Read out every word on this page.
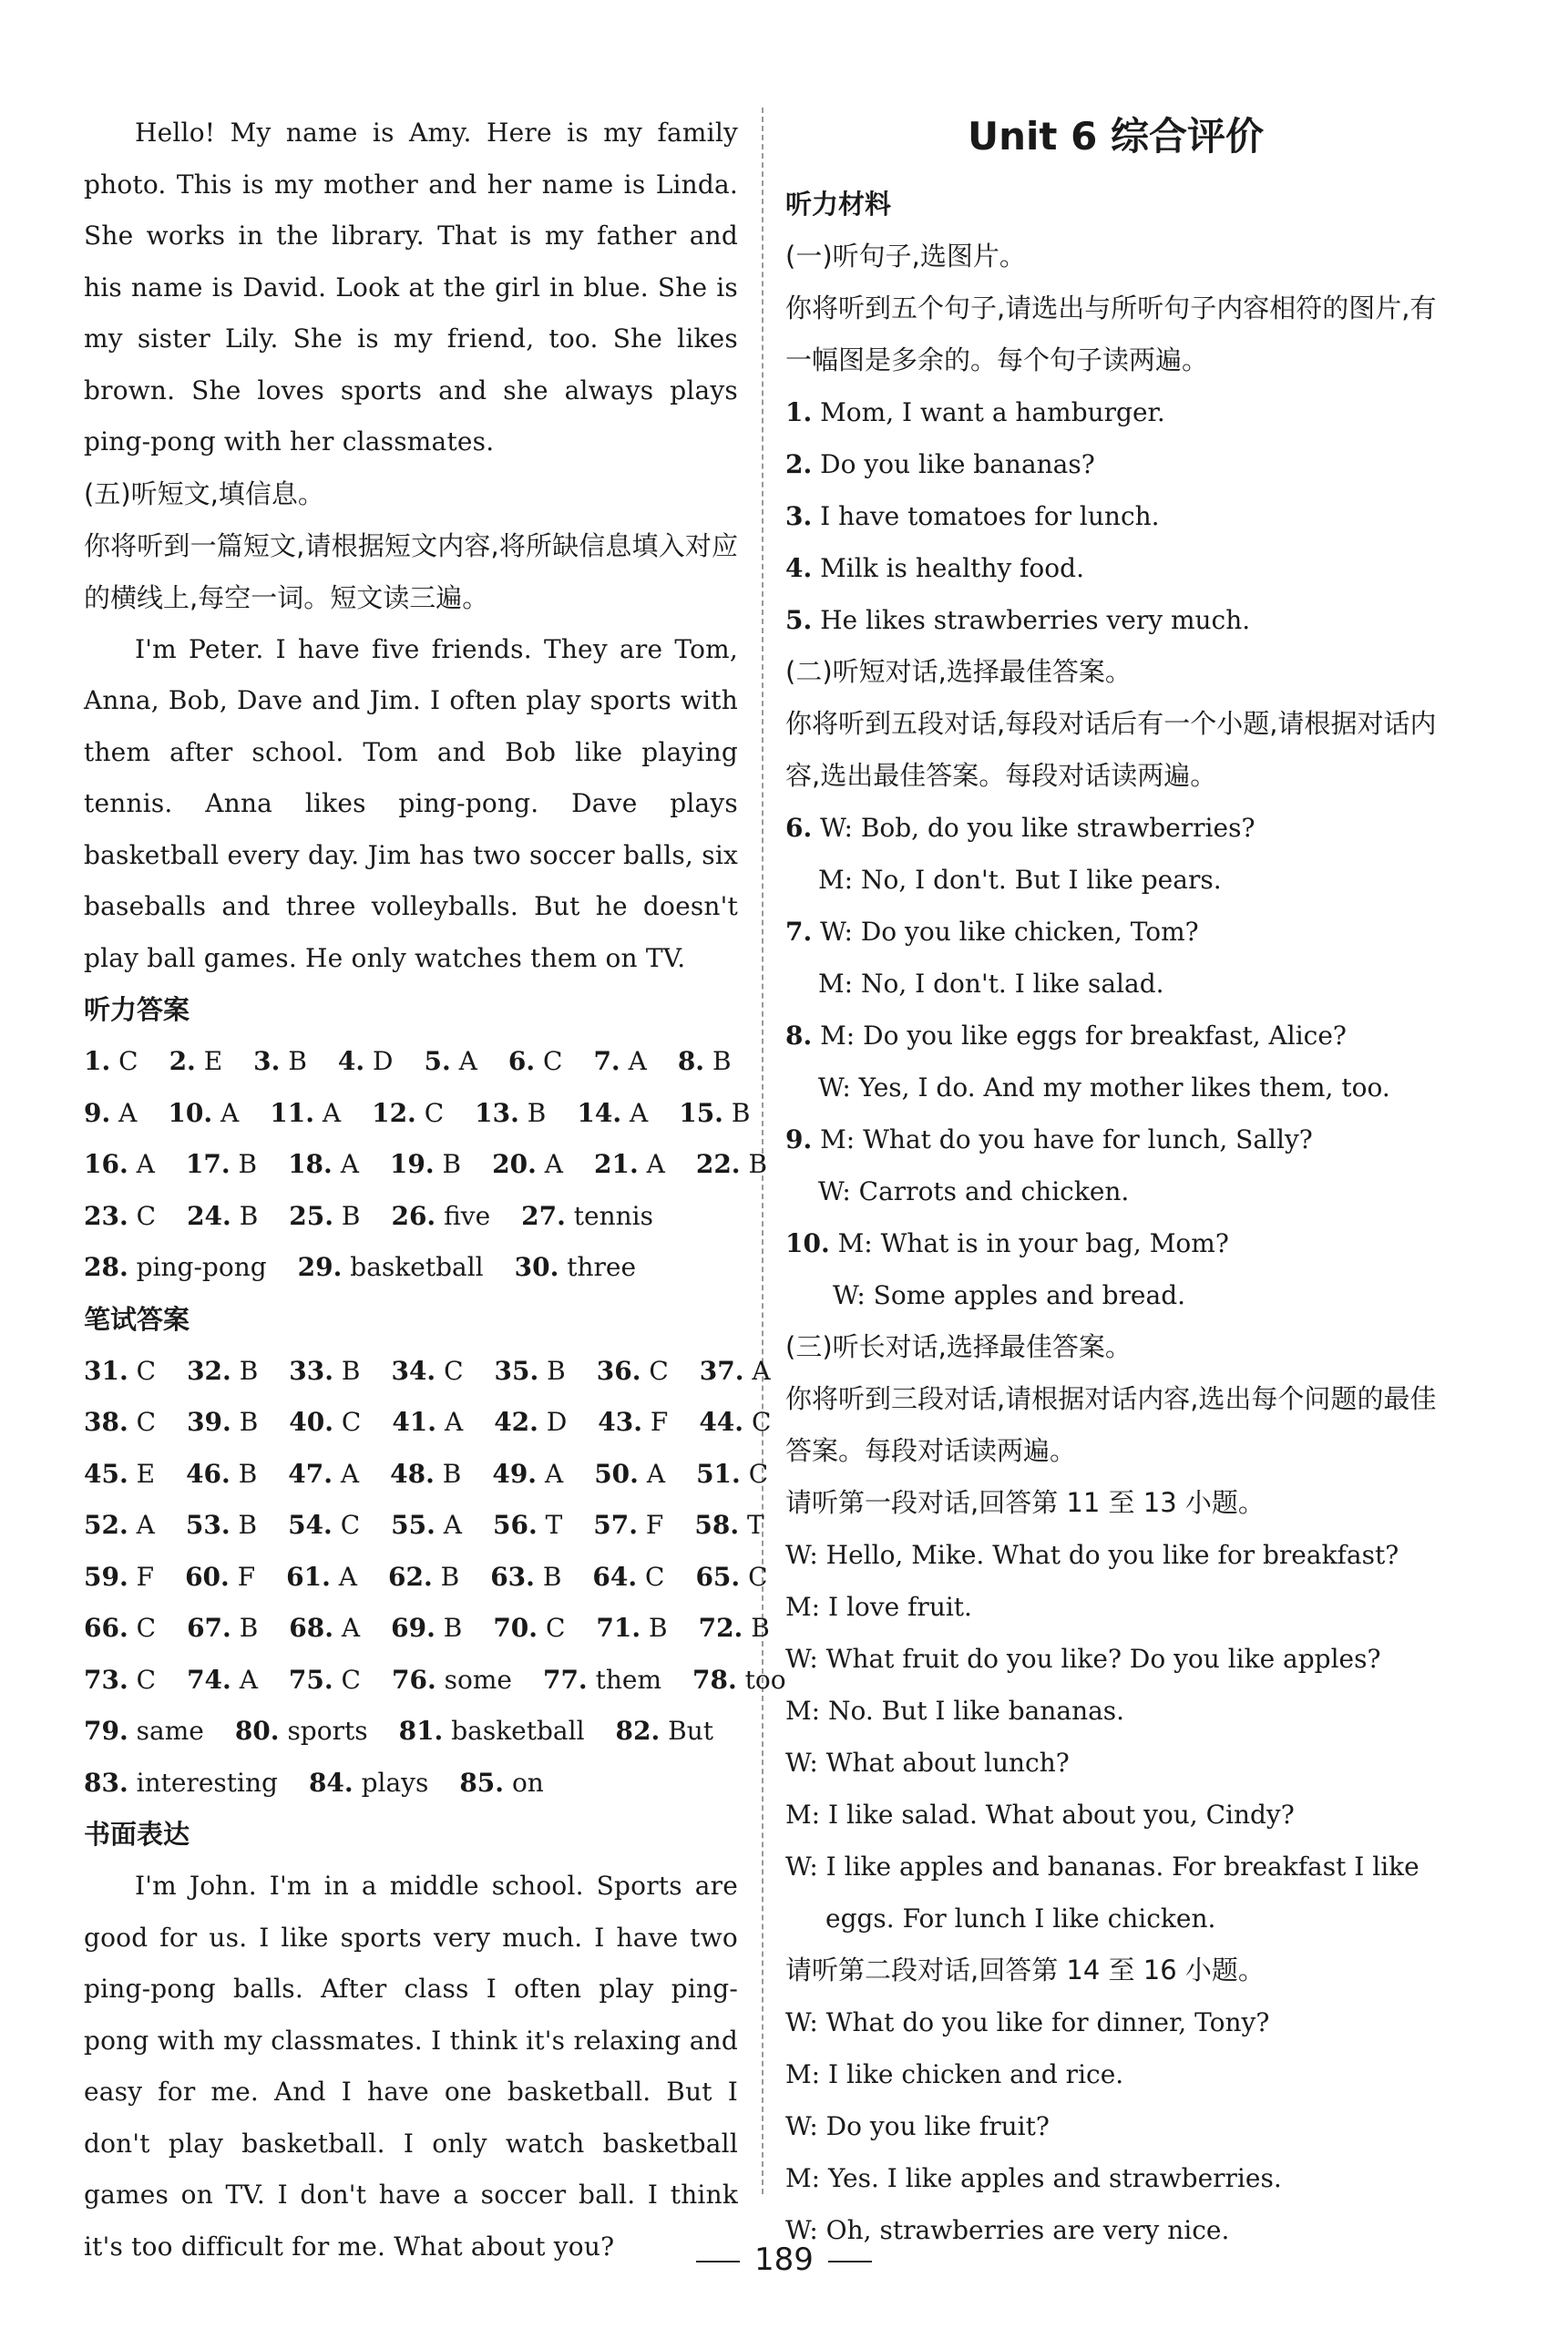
Hello! My name is Amy. Here is my family photo. This is my mother and her name is Linda. She works in the library. That is my father and his name is David. Look at the girl in blue. She is my sister Lily. She is my friend, too. She likes brown. She loves sports and she always plays ping-pong with her classmates.

(五)听短文,填信息。

你将听到一篇短文,请根据短文内容,将所缺信息填入对应的横线上,每空一词。短文读三遍。

I'm Peter. I have five friends. They are Tom, Anna, Bob, Dave and Jim. I often play sports with them after school. Tom and Bob like playing tennis. Anna likes ping-pong. Dave plays basketball every day. Jim has two soccer balls, six baseballs and three volleyballs. But he doesn't play ball games. He only watches them on TV.

听力答案

1. C 2. E 3. B 4. D 5. A 6. C 7. A 8. B
9. A 10. A 11. A 12. C 13. B 14. A 15. B
16. A 17. B 18. A 19. B 20. A 21. A 22. B
23. C 24. B 25. B 26. five 27. tennis
28. ping-pong 29. basketball 30. three

笔试答案

31. C 32. B 33. B 34. C 35. B 36. C 37. A
38. C 39. B 40. C 41. A 42. D 43. F 44. C
45. E 46. B 47. A 48. B 49. A 50. A 51. C
52. A 53. B 54. C 55. A 56. T 57. F 58. T
59. F 60. F 61. A 62. B 63. B 64. C 65. C
66. C 67. B 68. A 69. B 70. C 71. B 72. B
73. C 74. A 75. C 76. some 77. them 78. too
79. same 80. sports 81. basketball 82. But
83. interesting 84. plays 85. on

书面表达

I'm John. I'm in a middle school. Sports are good for us. I like sports very much. I have two ping-pong balls. After class I often play ping-pong with my classmates. I think it's relaxing and easy for me. And I have one basketball. But I don't play basketball. I only watch basketball games on TV. I don't have a soccer ball. I think it's too difficult for me. What about you?

Unit 6 综合评价

听力材料

(一)听句子,选图片。

你将听到五个句子,请选出与所听句子内容相符的图片,有一幅图是多余的。每个句子读两遍。

1. Mom, I want a hamburger.

2. Do you like bananas?

3. I have tomatoes for lunch.

4. Milk is healthy food.

5. He likes strawberries very much.

(二)听短对话,选择最佳答案。

你将听到五段对话,每段对话后有一个小题,请根据对话内容,选出最佳答案。每段对话读两遍。

6. W: Bob, do you like strawberries?

M: No, I don't. But I like pears.

7. W: Do you like chicken, Tom?

M: No, I don't. I like salad.

8. M: Do you like eggs for breakfast, Alice?

W: Yes, I do. And my mother likes them, too.

9. M: What do you have for lunch, Sally?

W: Carrots and chicken.

10. M: What is in your bag, Mom?

W: Some apples and bread.

(三)听长对话,选择最佳答案。

你将听到三段对话,请根据对话内容,选出每个问题的最佳答案。每段对话读两遍。

请听第一段对话,回答第 11 至 13 小题。

W: Hello, Mike. What do you like for breakfast?

M: I love fruit.

W: What fruit do you like? Do you like apples?

M: No. But I like bananas.

W: What about lunch?

M: I like salad. What about you, Cindy?

W: I like apples and bananas. For breakfast I like eggs. For lunch I like chicken.

请听第二段对话,回答第 14 至 16 小题。

W: What do you like for dinner, Tony?

M: I like chicken and rice.

W: Do you like fruit?

M: Yes. I like apples and strawberries.

W: Oh, strawberries are very nice.

189
